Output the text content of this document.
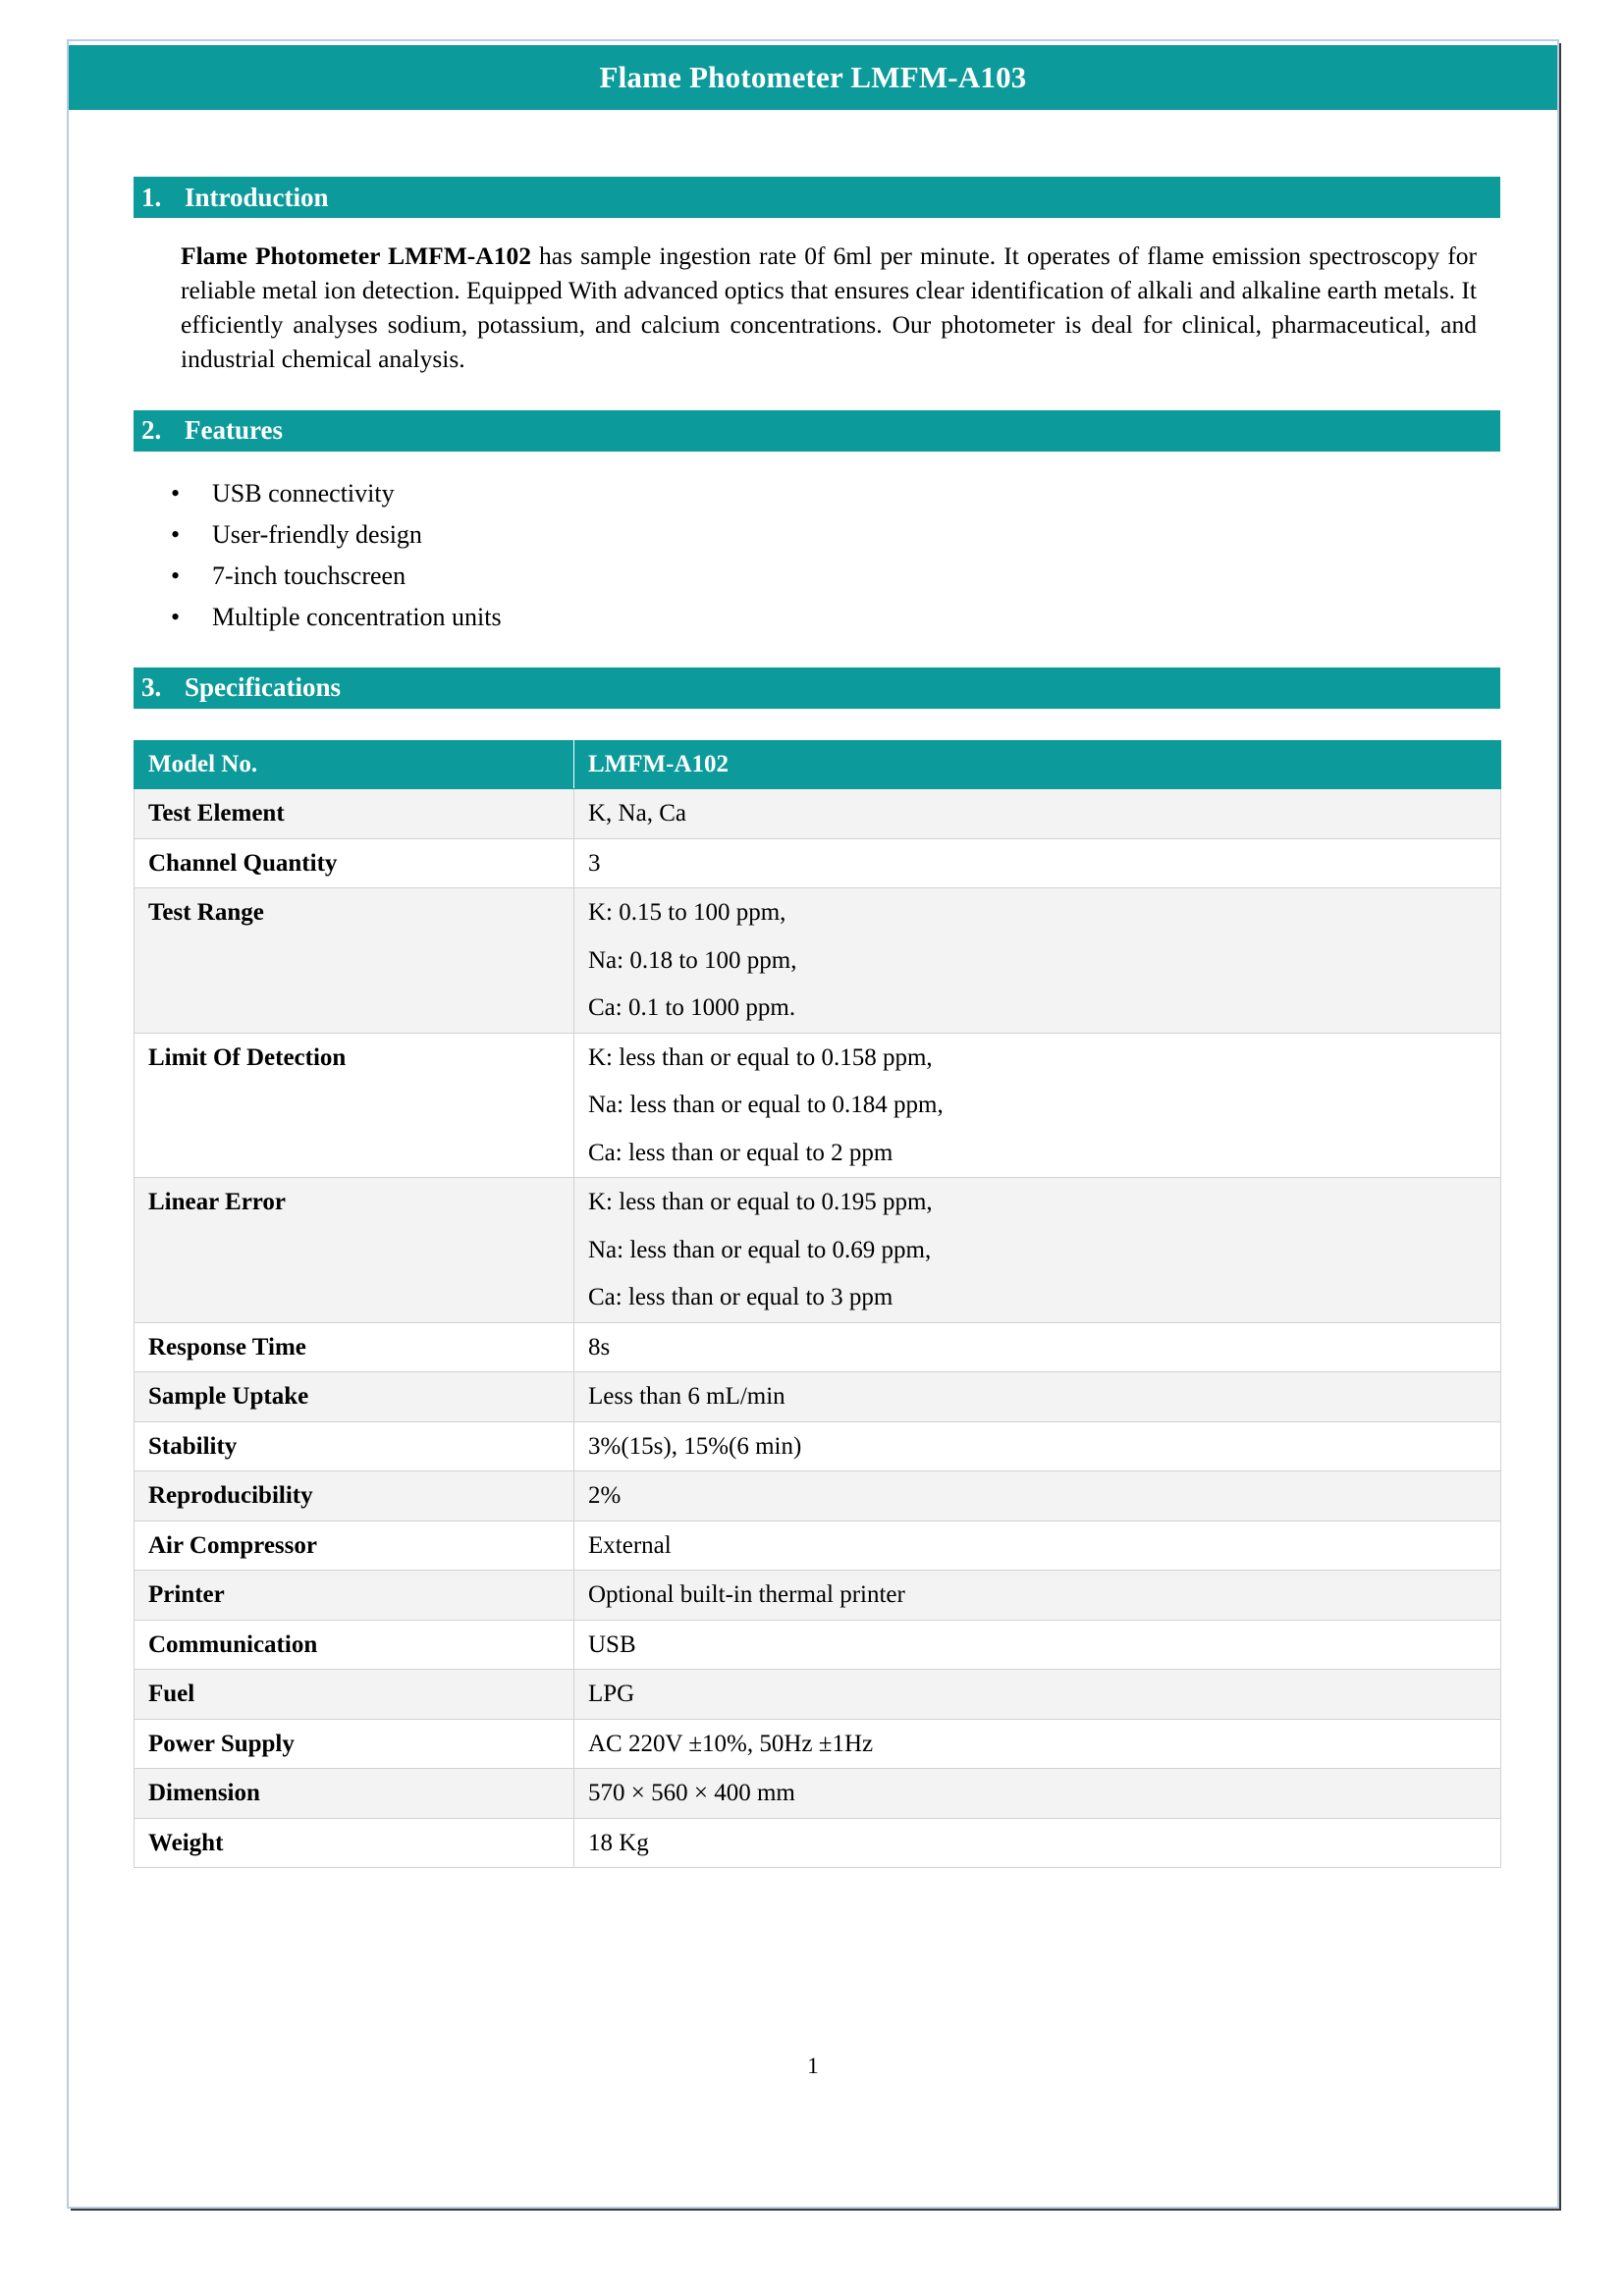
Flame Photometer LMFM-A103
1. Introduction

Flame Photometer LMFM-A102 has sample ingestion rate 0f 6ml per minute. It operates of flame emission spectroscopy for reliable metal ion detection. Equipped With advanced optics that ensures clear identification of alkali and alkaline earth metals. It efficiently analyses sodium, potassium, and calcium concentrations. Our photometer is deal for clinical, pharmaceutical, and industrial chemical analysis.

2. Features
•	USB connectivity
•	User-friendly design
•	7-inch touchscreen
•	Multiple concentration units
3. Specifications
Model No.	LMFM-A102
Test Element	K, Na, Ca

Channel Quantity	3

Test Range	K: 0.15 to 100 ppm,
Na: 0.18 to 100 ppm,
Ca: 0.1 to 1000 ppm.

Limit Of Detection	K: less than or equal to 0.158 ppm,
Na: less than or equal to 0.184 ppm,
Ca: less than or equal to 2 ppm

Linear Error	K: less than or equal to 0.195 ppm,
Na: less than or equal to 0.69 ppm,
Ca: less than or equal to 3 ppm

Response Time	8s

Sample Uptake	Less than 6 mL/min

Stability	3%(15s), 15%(6 min)

Reproducibility	2%

Air Compressor	External

Printer	Optional built-in thermal printer

Communication	USB

Fuel	LPG

Power Supply	AC 220V ±10%, 50Hz ±1Hz

Dimension	570 × 560 × 400 mm

Weight	18 Kg
1
